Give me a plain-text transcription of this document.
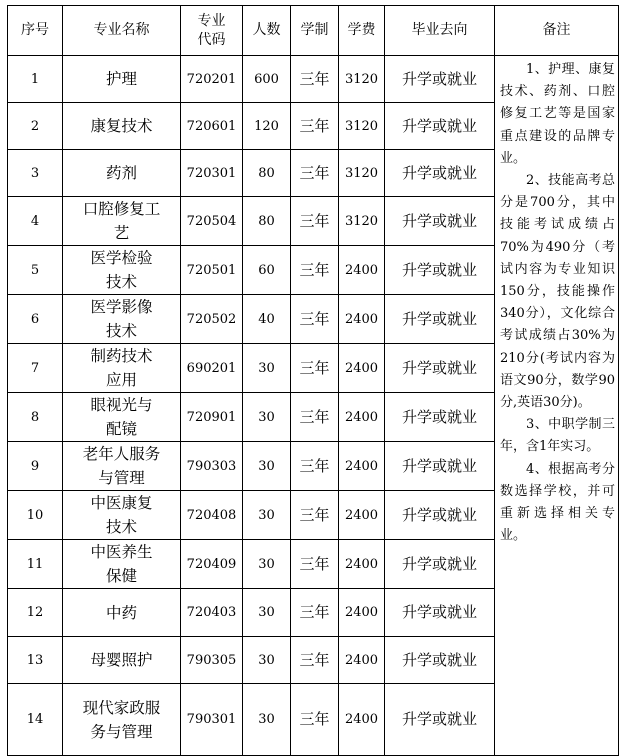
序号	专业名称	专业代码	人数	学制	学费	毕业去向	备注
1	护理	720201	600	三年	3120	升学或就业	1、护理、康复技术、药剂、口腔修复工艺等是国家重点建设的品牌专业。

2、技能高考总分是700分，其中技能考试成绩占70%为490分（考试内容为专业知识150分，技能操作340分），文化综合考试成绩占30%为210分(考试内容为语文90分，数学90分,英语30分)。

3、中职学制三年，含1年实习。

4、根据高考分数选择学校，并可重新选择相关专业。

2	康复技术	720601	120	三年	3120	升学或就业	
3	药剂	720301	80	三年	3120	升学或就业	
4	口腔修复工艺	720504	80	三年	3120	升学或就业	
5	医学检验技术	720501	60	三年	2400	升学或就业	
6	医学影像技术	720502	40	三年	2400	升学或就业	
7	制药技术应用	690201	30	三年	2400	升学或就业	
8	眼视光与配镜	720901	30	三年	2400	升学或就业	
9	老年人服务与管理	790303	30	三年	2400	升学或就业	
10	中医康复技术	720408	30	三年	2400	升学或就业	
11	中医养生保健	720409	30	三年	2400	升学或就业	
12	中药	720403	30	三年	2400	升学或就业	
13	母婴照护	790305	30	三年	2400	升学或就业	
14	现代家政服务与管理	790301	30	三年	2400	升学或就业	
